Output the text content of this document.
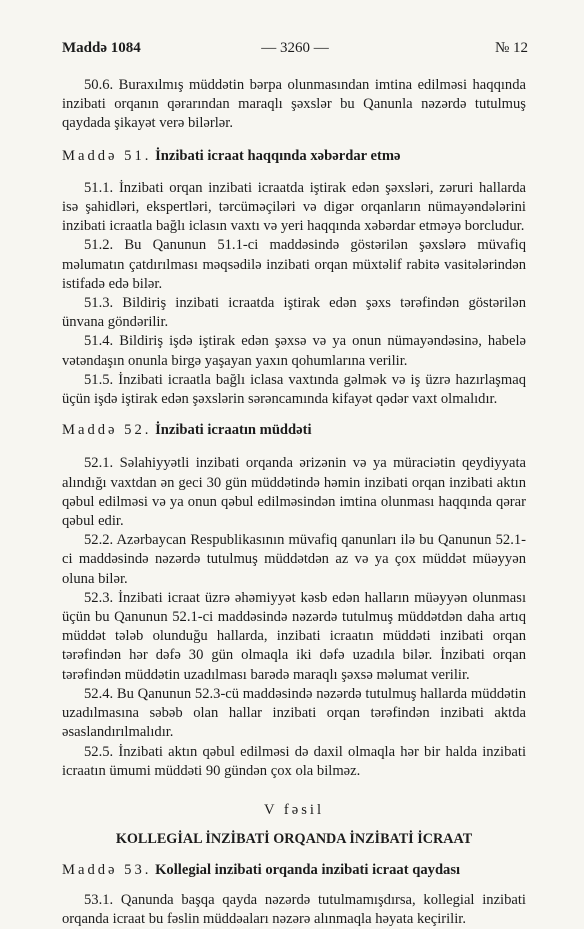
Maddə 1084	— 3260 —	№ 12

50.6. Buraxılmış müddətin bərpa olunmasından imtina edilməsi haqqında inzibati orqanın qərarından maraqlı şəxslər bu Qanunla nəzərdə tutulmuş qaydada şikayət verə bilərlər.

Maddə 51. İnzibati icraat haqqında xəbərdar etmə

51.1. İnzibati orqan inzibati icraatda iştirak edən şəxsləri, zəruri hallarda isə şahidləri, ekspertləri, tərcüməçiləri və digər orqanların nümayəndələrini inzibati icraatla bağlı iclasın vaxtı və yeri haqqında xəbərdar etməyə borcludur.

51.2. Bu Qanunun 51.1-ci maddəsində göstərilən şəxslərə müvafiq məlumatın çatdırılması məqsədilə inzibati orqan müxtəlif rabitə vasitələrindən istifadə edə bilər.

51.3. Bildiriş inzibati icraatda iştirak edən şəxs tərəfindən göstərilən ünvana göndərilir.

51.4. Bildiriş işdə iştirak edən şəxsə və ya onun nümayəndəsinə, habelə vətəndaşın onunla birgə yaşayan yaxın qohumlarına verilir.

51.5. İnzibati icraatla bağlı iclasa vaxtında gəlmək və iş üzrə hazırlaşmaq üçün işdə iştirak edən şəxslərin sərəncamında kifayət qədər vaxt olmalıdır.

Maddə 52. İnzibati icraatın müddəti

52.1. Səlahiyyətli inzibati orqanda ərizənin və ya müraciətin qeydiyyata alındığı vaxtdan ən geci 30 gün müddətində həmin inzibati orqan inzibati aktın qəbul edilməsi və ya onun qəbul edilməsindən imtina olunması haqqında qərar qəbul edir.

52.2. Azərbaycan Respublikasının müvafiq qanunları ilə bu Qanunun 52.1-ci maddəsində nəzərdə tutulmuş müddətdən az və ya çox müddət müəyyən oluna bilər.

52.3. İnzibati icraat üzrə əhəmiyyət kəsb edən halların müəyyən olunması üçün bu Qanunun 52.1-ci maddəsində nəzərdə tutulmuş müddətdən daha artıq müddət tələb olunduğu hallarda, inzibati icraatın müddəti inzibati orqan tərəfindən hər dəfə 30 gün olmaqla iki dəfə uzadıla bilər. İnzibati orqan tərəfindən müddətin uzadılması barədə maraqlı şəxsə məlumat verilir.

52.4. Bu Qanunun 52.3-cü maddəsində nəzərdə tutulmuş hallarda müddətin uzadılmasına səbəb olan hallar inzibati orqan tərəfindən inzibati aktda əsaslandırılmalıdır.

52.5. İnzibati aktın qəbul edilməsi də daxil olmaqla hər bir halda inzibati icraatın ümumi müddəti 90 gündən çox ola bilməz.

V fəsil
KOLLEGİAL İNZİBATİ ORQANDA İNZİBATİ İCRAAT
Maddə 53. Kollegial inzibati orqanda inzibati icraat qaydası

53.1. Qanunda başqa qayda nəzərdə tutulmamışdırsa, kollegial inzibati orqanda icraat bu fəslin müddəaları nəzərə alınmaqla həyata keçirilir.
